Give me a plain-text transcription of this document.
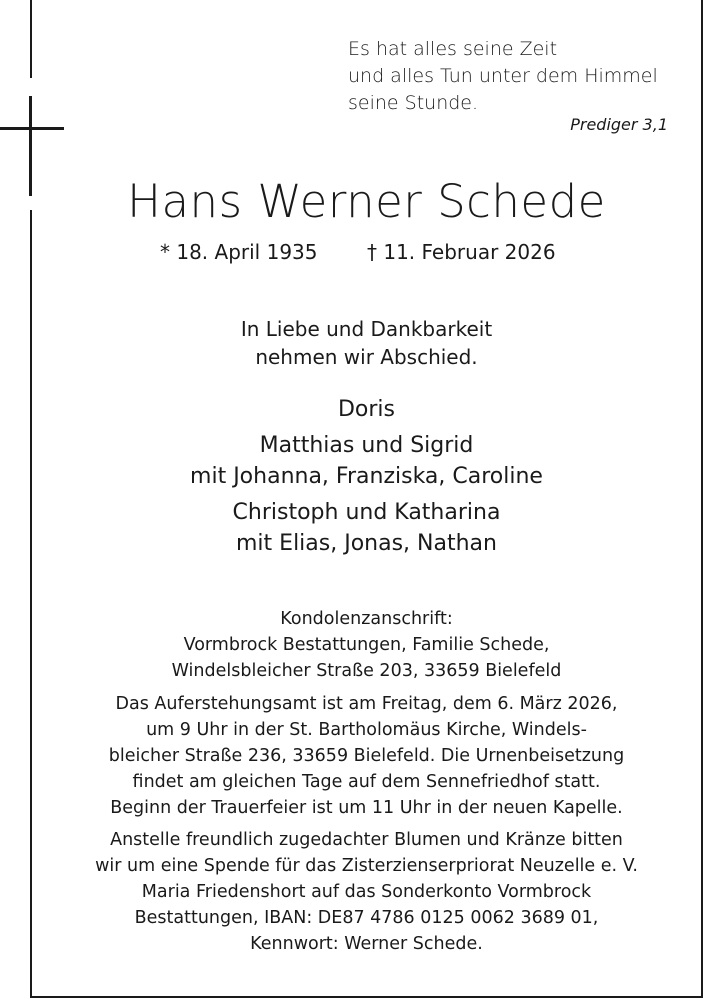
Es hat alles seine Zeit
und alles Tun unter dem Himmel
seine Stunde.
Prediger 3,1
Hans Werner Schede
* 18. April 1935 † 11. Februar 2026
In Liebe und Dankbarkeit
nehmen wir Abschied.
Doris
Matthias und Sigrid
mit Johanna, Franziska, Caroline
Christoph und Katharina
mit Elias, Jonas, Nathan
Kondolenzanschrift:
Vormbrock Bestattungen, Familie Schede,
Windelsbleicher Straße 203, 33659 Bielefeld
Das Auferstehungsamt ist am Freitag, dem 6. März 2026,
um 9 Uhr in der St. Bartholomäus Kirche, Windels-
bleicher Straße 236, 33659 Bielefeld. Die Urnenbeisetzung
findet am gleichen Tage auf dem Sennefriedhof statt.
Beginn der Trauerfeier ist um 11 Uhr in der neuen Kapelle.
Anstelle freundlich zugedachter Blumen und Kränze bitten
wir um eine Spende für das Zisterzienserpriorat Neuzelle e. V.
Maria Friedenshort auf das Sonderkonto Vormbrock
Bestattungen, IBAN: DE87 4786 0125 0062 3689 01,
Kennwort: Werner Schede.
